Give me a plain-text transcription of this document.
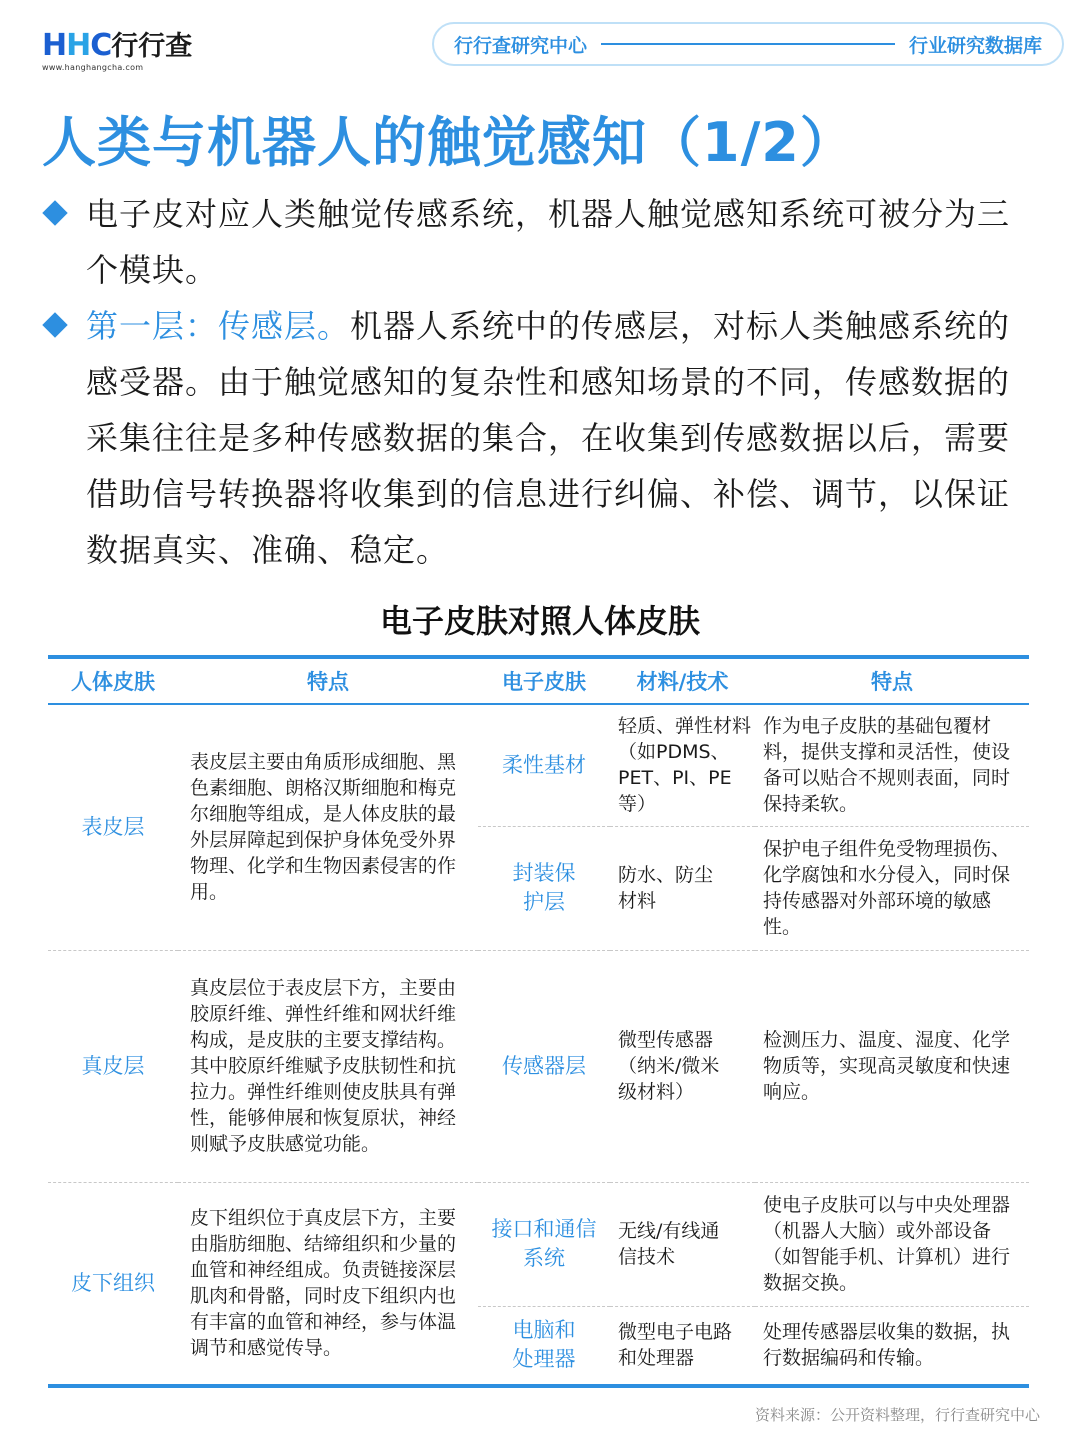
HHC行行查
www.hanghangcha.com
行行查研究中心	行业研究数据库
人类与机器人的触觉感知（1/2）
电子皮对应人类触觉传感系统，机器人触觉感知系统可被分为三个模块。
第一层：传感层。机器人系统中的传感层，对标人类触感系统的感受器。由于触觉感知的复杂性和感知场景的不同，传感数据的采集往往是多种传感数据的集合，在收集到传感数据以后，需要借助信号转换器将收集到的信息进行纠偏、补偿、调节，以保证数据真实、准确、稳定。
电子皮肤对照人体皮肤
人体皮肤	特点	电子皮肤	材料/技术	特点
表皮层	表皮层主要由角质形成细胞、黑色素细胞、朗格汉斯细胞和梅克尔细胞等组成，是人体皮肤的最外层屏障起到保护身体免受外界物理、化学和生物因素侵害的作用。	柔性基材	轻质、弹性材料（如PDMS、PET、PI、PE等）	作为电子皮肤的基础包覆材料，提供支撑和灵活性，使设备可以贴合不规则表面，同时保持柔软。

		封装保护层	防水、防尘材料	保护电子组件免受物理损伤、化学腐蚀和水分侵入，同时保持传感器对外部环境的敏感性。
真皮层	真皮层位于表皮层下方，主要由胶原纤维、弹性纤维和网状纤维构成，是皮肤的主要支撑结构。其中胶原纤维赋予皮肤韧性和抗拉力。弹性纤维则使皮肤具有弹性，能够伸展和恢复原状，神经则赋予皮肤感觉功能。	传感器层	微型传感器（纳米/微米级材料）	检测压力、温度、湿度、化学物质等，实现高灵敏度和快速响应。
皮下组织	皮下组织位于真皮层下方，主要由脂肪细胞、结缔组织和少量的血管和神经组成。负责链接深层肌肉和骨骼，同时皮下组织内也有丰富的血管和神经，参与体温调节和感觉传导。	接口和通信系统	无线/有线通信技术	使电子皮肤可以与中央处理器（机器人大脑）或外部设备（如智能手机、计算机）进行数据交换。

		电脑和处理器	微型电子电路和处理器	处理传感器层收集的数据，执行数据编码和传输。
资料来源：公开资料整理，行行查研究中心
